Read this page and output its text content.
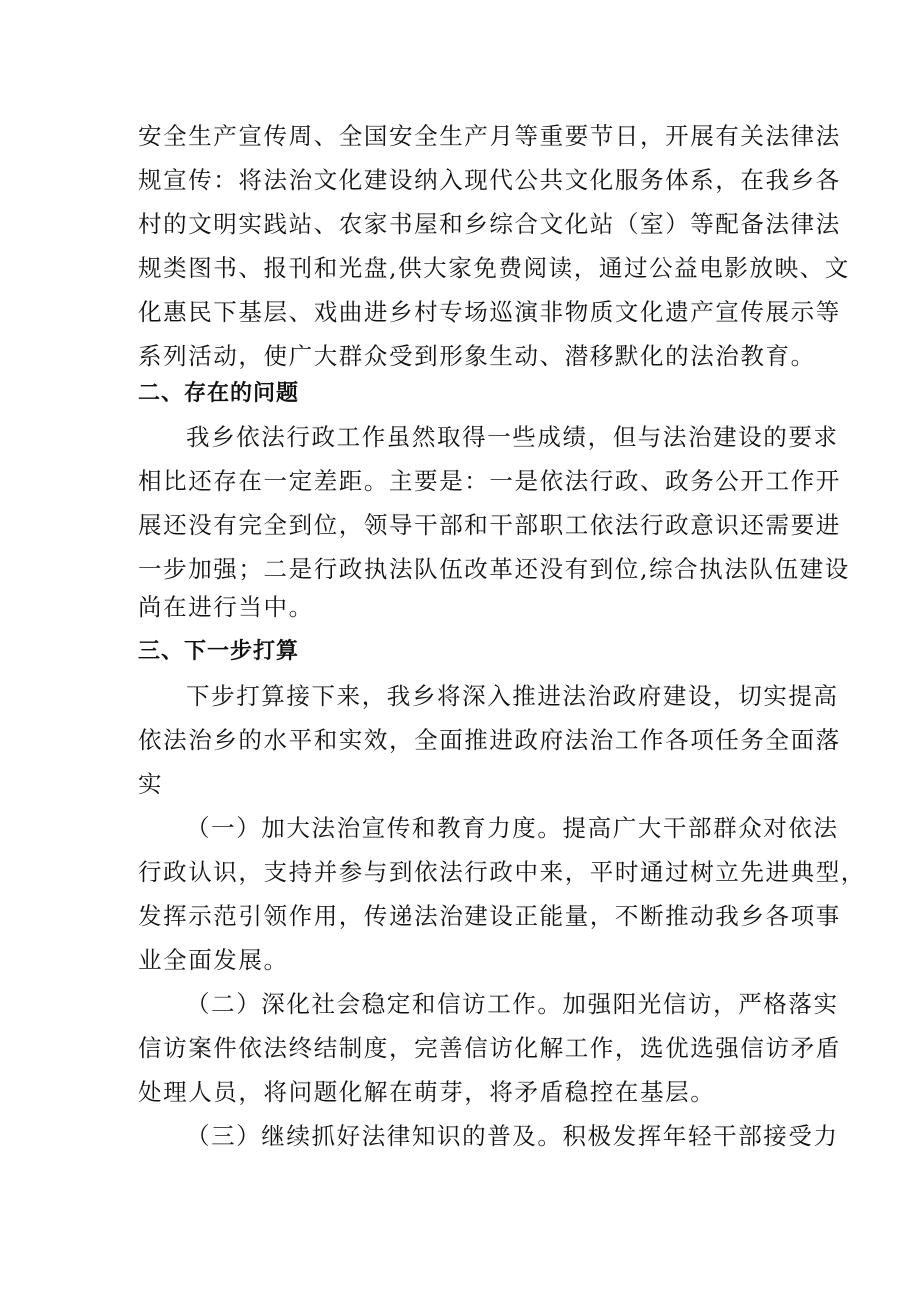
安全生产宣传周、全国安全生产月等重要节日，开展有关法律法
规宣传：将法治文化建设纳入现代公共文化服务体系，在我乡各
村的文明实践站、农家书屋和乡综合文化站（室）等配备法律法
规类图书、报刊和光盘,供大家免费阅读，通过公益电影放映、文
化惠民下基层、戏曲进乡村专场巡演非物质文化遗产宣传展示等
系列活动，使广大群众受到形象生动、潜移默化的法治教育。
二、存在的问题
我乡依法行政工作虽然取得一些成绩，但与法治建设的要求
相比还存在一定差距。主要是：一是依法行政、政务公开工作开
展还没有完全到位，领导干部和干部职工依法行政意识还需要进
一步加强；二是行政执法队伍改革还没有到位,综合执法队伍建设
尚在进行当中。
三、下一步打算
下步打算接下来，我乡将深入推进法治政府建设，切实提高
依法治乡的水平和实效，全面推进政府法治工作各项任务全面落
实
（一）加大法治宣传和教育力度。提高广大干部群众对依法
行政认识，支持并参与到依法行政中来，平时通过树立先进典型，
发挥示范引领作用，传递法治建设正能量，不断推动我乡各项事
业全面发展。
（二）深化社会稳定和信访工作。加强阳光信访，严格落实
信访案件依法终结制度，完善信访化解工作，选优选强信访矛盾
处理人员，将问题化解在萌芽，将矛盾稳控在基层。
（三）继续抓好法律知识的普及。积极发挥年轻干部接受力
